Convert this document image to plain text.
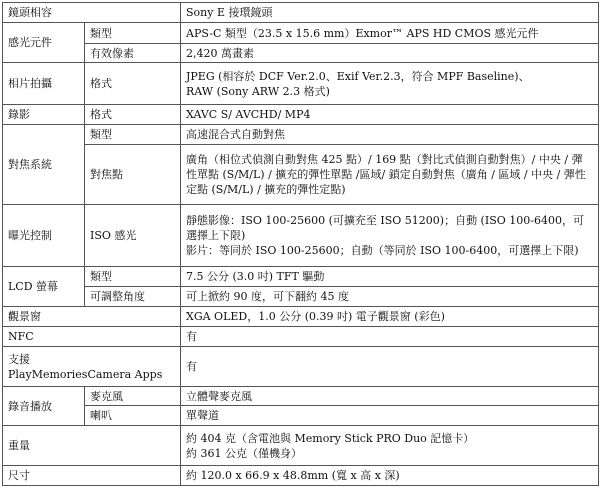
鏡頭相容		Sony E 接環鏡頭
感光元件	類型	APS-C 類型（23.5 x 15.6 mm）Exmor™ APS HD CMOS 感光元件
	有效像素	2,420 萬畫素
相片拍攝	格式	JPEG (相容於 DCF Ver.2.0、Exif Ver.2.3，符合 MPF Baseline)、
RAW (Sony ARW 2.3 格式)

錄影	格式	XAVC S/ AVCHD/ MP4
對焦系統	類型	高速混合式自動對焦
	對焦點	廣角（相位式偵測自動對焦 425 點）/ 169 點（對比式偵測自動對焦）/ 中央 / 彈性單點 (S/M/L) / 擴充的彈性單點 /區域/ 鎖定自動對焦（廣角 / 區域 / 中央 / 彈性定點 (S/M/L) / 擴充的彈性定點)
曝光控制	ISO 感光	靜態影像：ISO 100-25600 (可擴充至 ISO 51200)；自動 (ISO 100-6400，可選擇上下限)
影片：等同於 ISO 100-25600；自動（等同於 ISO 100-6400，可選擇上下限)

LCD 螢幕	類型	7.5 公分 (3.0 吋) TFT 驅動
	可調整角度	可上掀約 90 度，可下翻約 45 度
觀景窗		XGA OLED，1.0 公分 (0.39 吋) 電子觀景窗 (彩色)
NFC		有

支援
PlayMemoriesCamera Apps		有
錄音播放	麥克風	立體聲麥克風
	喇叭	單聲道
重量		約 404 克（含電池與 Memory Stick PRO Duo 記憶卡）
約 361 公克（僅機身）

尺寸		約 120.0 x 66.9 x 48.8mm (寬 x 高 x 深)
